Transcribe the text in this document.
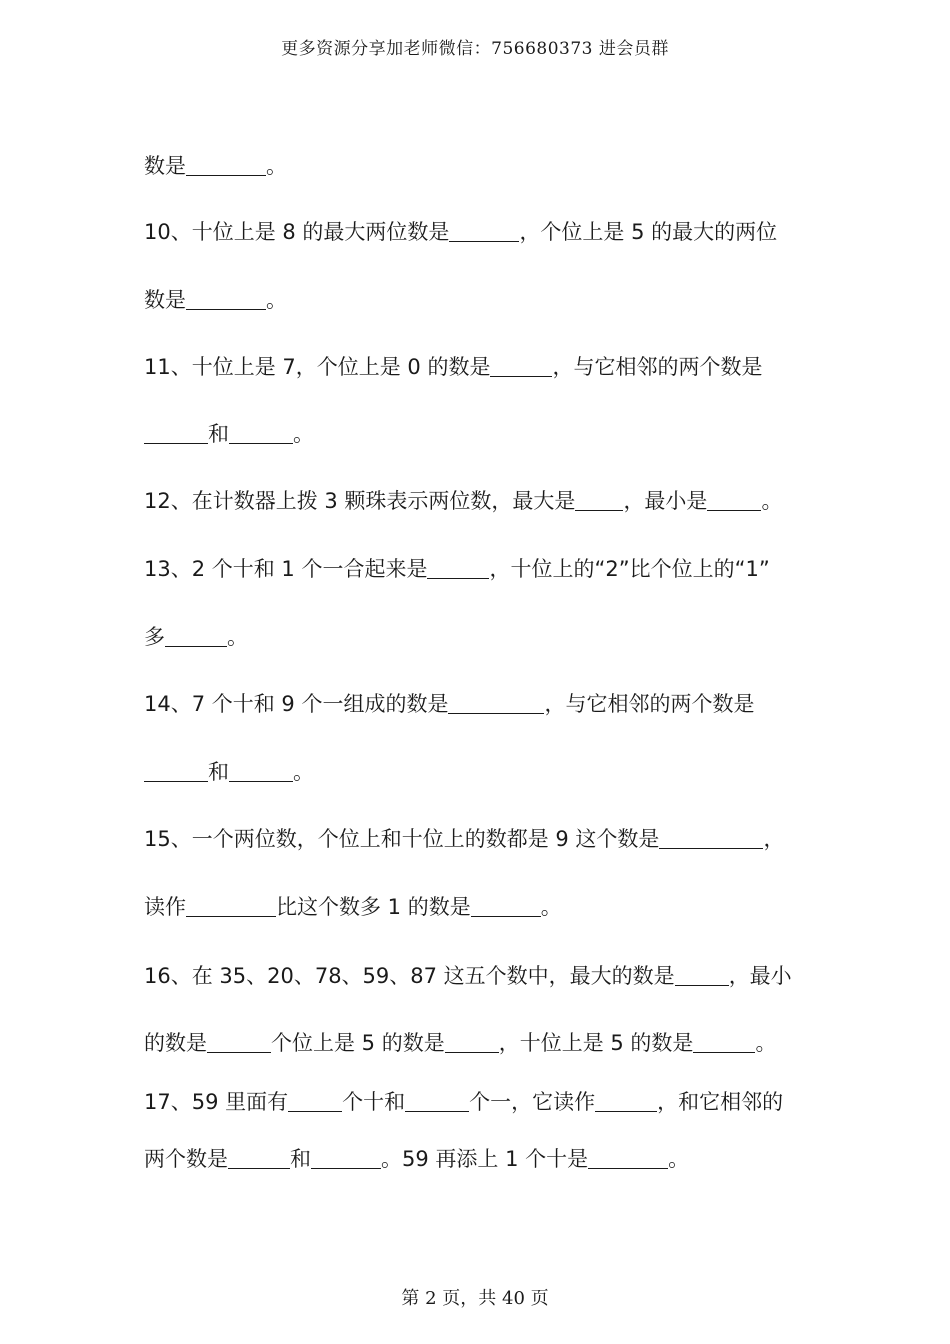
更多资源分享加老师微信：756680373 进会员群
数是	。
10、十位上是 8 的最大两位数是	，个位上是 5 的最大的两位
数是	。
11、十位上是 7，个位上是 0 的数是	，与它相邻的两个数是
和	。
12、在计数器上拨 3 颗珠表示两位数，最大是 ，最小是	。
13、2 个十和 1 个一合起来是	，十位上的“2”比个位上的“1”
多	。
14、7 个十和 9 个一组成的数是	，与它相邻的两个数是
和	。
15、一个两位数，个位上和十位上的数都是 9 这个数是	，
读作	比这个数多 1 的数是	。
16、在 35、20、78、59、87 这五个数中，最大的数是	，最小
的数是	个位上是 5 的数是	，十位上是 5 的数是	。
17、59 里面有	个十和	个一，它读作	，和它相邻的
两个数是	和	。59 再添上 1 个十是	。
第 2 页，共 40 页
